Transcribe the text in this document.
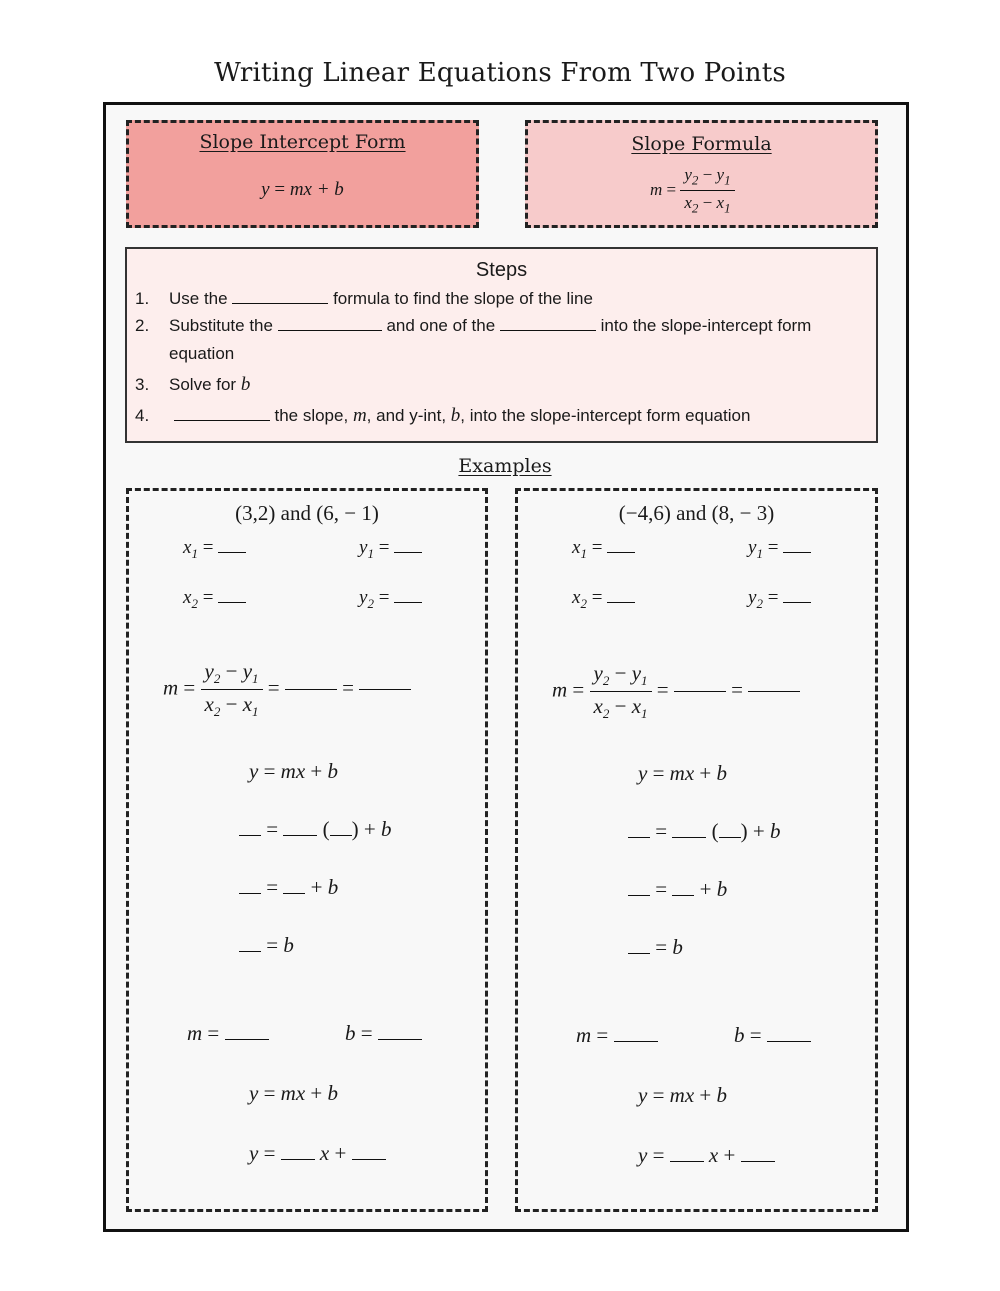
Writing Linear Equations From Two Points
Slope Intercept Form
y = mx + b
Slope Formula
$m = \frac{y_2 - y_1}{x_2 - x_1}$
Steps
1. Use the	formula to find the slope of the line
2. Substitute the	and one of the	into the slope-intercept form
equation
3. Solve for b
4.	the slope, m, and y-int, b, into the slope-intercept form equation
Examples
(3,2) and (6, − 1)
$x_1$ =	$y_1$ =
$x_2$ =	$y_2$ =
$m = \frac{y_2 - y_1}{x_2 - x_1}$ =	=
y = mx + b
= ( ) + b
= + b
= b
m =	b =
y = mx + b
y =  x +
(−4,6) and (8, − 3)
$x_1$ =	$y_1$ =
$x_2$ =	$y_2$ =
$m = \frac{y_2 - y_1}{x_2 - x_1}$ =	=
y = mx + b
= ( ) + b
= + b
= b
m =	b =
y = mx + b
y =  x +
